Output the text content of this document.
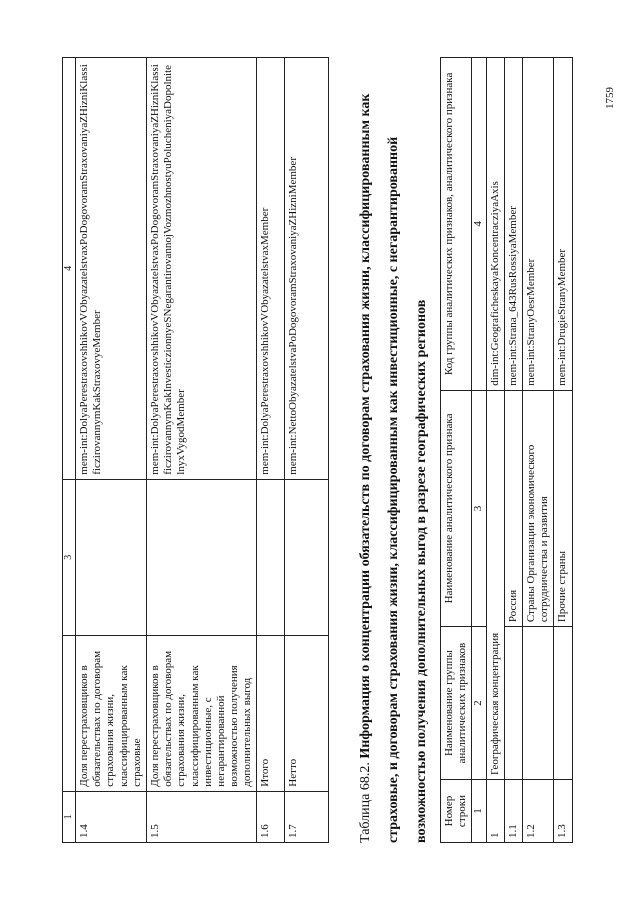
1		3	4
1.4	Доля перестраховщиков в обязательствах по договорам страхования жизни, классифицированным как страховые		mem-int:DolyaPerestraxovshhikovVObyazatelstvaxPoDogovoramStraxovaniyaZHizniKlassificzirovannymKakStraxovyeMember
1.5	Доля перестраховщиков в обязательствах по договорам страхования жизни, классифицированным как инвестиционные, с негарантированной возможностью получения дополнительных выгод		mem-int:DolyaPerestraxovshhikovVObyazatelstvaxPoDogovoramStraxovaniyaZHizniKlassificzirovannymKakInvesticzionnyeSNegarantirovannojVozmozhnostyuPolucheniyaDopolnitelnyxVygodMember
1.6	Итого		mem-int:DolyaPerestraxovshhikovVObyazatelstvaxMember
1.7	Нетто		mem-int:NettoObyazatelstvaPoDogovoramStraxovaniyaZHizniMember
Таблица 68.2. Информация о концентрации обязательств по договорам страхования жизни, классифицированным как страховые, и договорам страхования жизни, классифицированным как инвестиционные, с негарантированной возможностью получения дополнительных выгод в разрезе географических регионов	Номер строки	Наименование группы аналитических признаков	Наименование аналитического признака	Код группы аналитических признаков, аналитического признака
1	2	3	4
1	Географическая концентрация		dim-int:GeograficheskayaKoncentracziyaAxis
1.1		Россия	mem-int:Strana_643RusRossiyaMember
1.2		Страны Организации экономического сотрудничества и развития	mem-int:StranyOesrMember
1.3		Прочие страны	mem-int:DrugieStranyMember
1759
